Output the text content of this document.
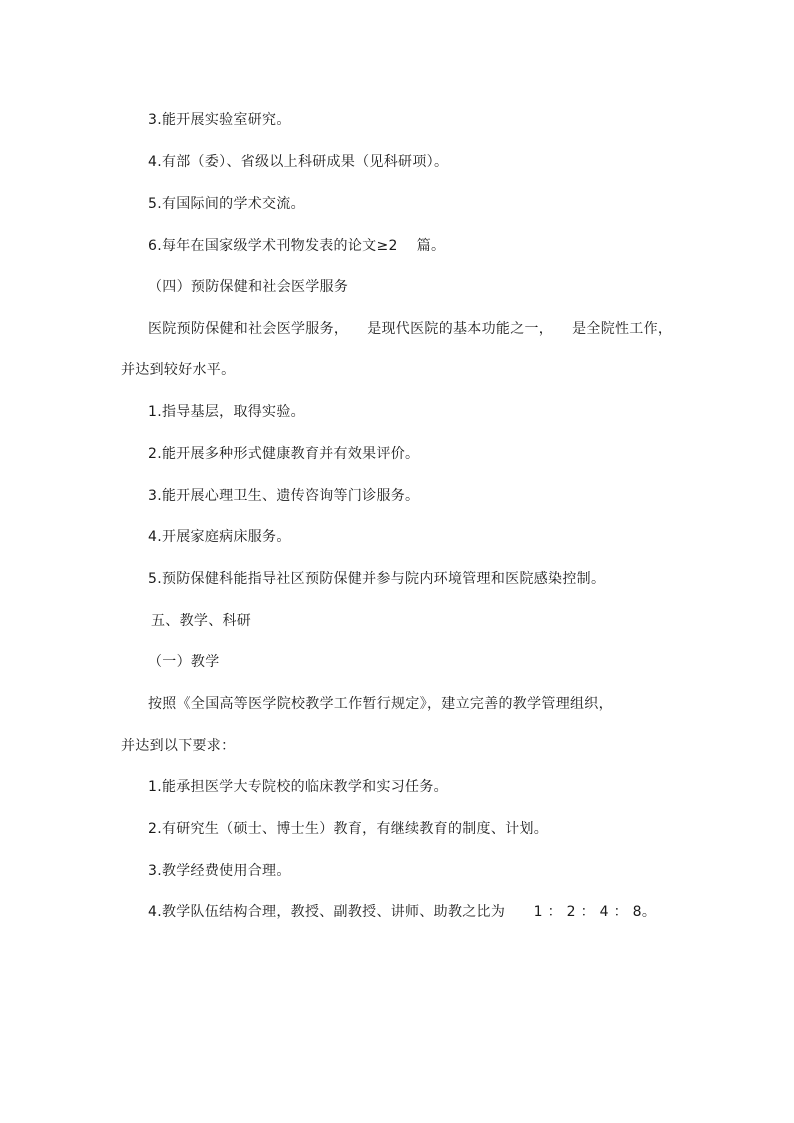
3.能开展实验室研究。
4.有部（委）、省级以上科研成果（见科研项）。
5.有国际间的学术交流。
6.每年在国家级学术刊物发表的论文≥2    篇。
（四）预防保健和社会医学服务
医院预防保健和社会医学服务，    是现代医院的基本功能之一，    是全院性工作，
并达到较好水平。
1.指导基层，取得实验。
2.能开展多种形式健康教育并有效果评价。
3.能开展心理卫生、遗传咨询等门诊服务。
4.开展家庭病床服务。
5.预防保健科能指导社区预防保健并参与院内环境管理和医院感染控制。
五、教学、科研
（一）教学
按照《全国高等医学院校教学工作暂行规定》，建立完善的教学管理组织，
并达到以下要求：
1.能承担医学大专院校的临床教学和实习任务。
2.有研究生（硕士、博士生）教育，有继续教育的制度、计划。
3.教学经费使用合理。
4.教学队伍结构合理，教授、副教授、讲师、助教之比为      1 ： 2 ： 4 ： 8。
